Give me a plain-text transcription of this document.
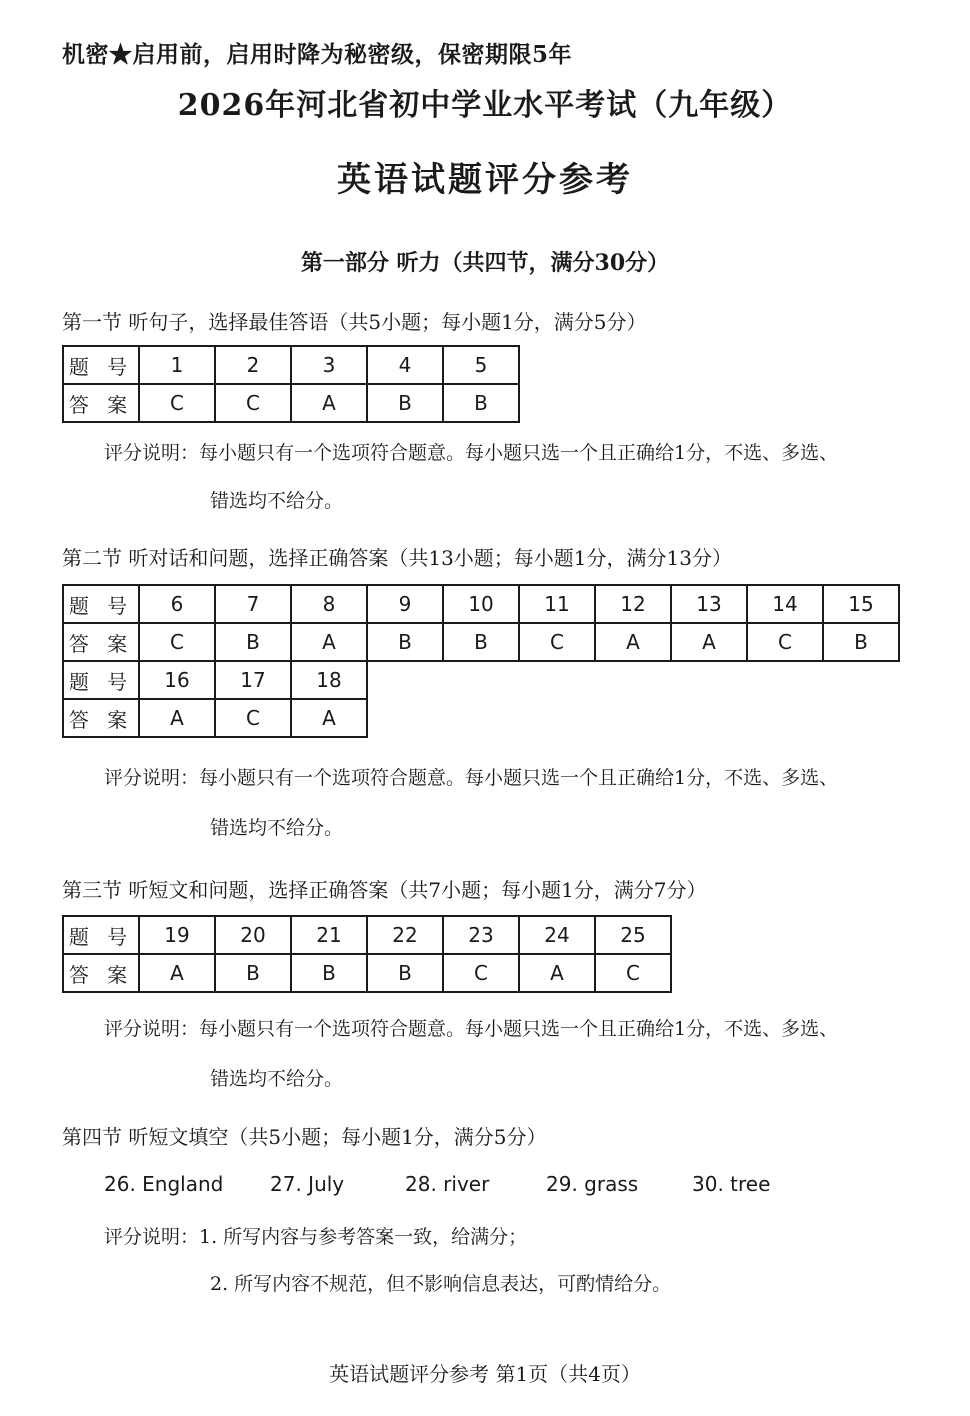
机密★启用前，启用时降为秘密级，保密期限5年
2026年河北省初中学业水平考试（九年级）
英语试题评分参考
第一部分 听力（共四节，满分30分）
第一节 听句子，选择最佳答语（共5小题；每小题1分，满分5分）
题 号	1	2	3	4	5
答 案	C	C	A	B	B
评分说明：每小题只有一个选项符合题意。每小题只选一个且正确给1分，不选、多选、
错选均不给分。
第二节 听对话和问题，选择正确答案（共13小题；每小题1分，满分13分）
题 号	6	7	8	9	10	11	12	13	14	15
答 案	C	B	A	B	B	C	A	A	C	B
题 号	16	17	18
答 案	A	C	A
评分说明：每小题只有一个选项符合题意。每小题只选一个且正确给1分，不选、多选、
错选均不给分。
第三节 听短文和问题，选择正确答案（共7小题；每小题1分，满分7分）
题 号	19	20	21	22	23	24	25
答 案	A	B	B	B	C	A	C
评分说明：每小题只有一个选项符合题意。每小题只选一个且正确给1分，不选、多选、
错选均不给分。
第四节 听短文填空（共5小题；每小题1分，满分5分）
26. England 27. July	28. river	29. grass	30. tree
评分说明：1. 所写内容与参考答案一致，给满分；
2. 所写内容不规范，但不影响信息表达，可酌情给分。
英语试题评分参考 第1页（共4页）
